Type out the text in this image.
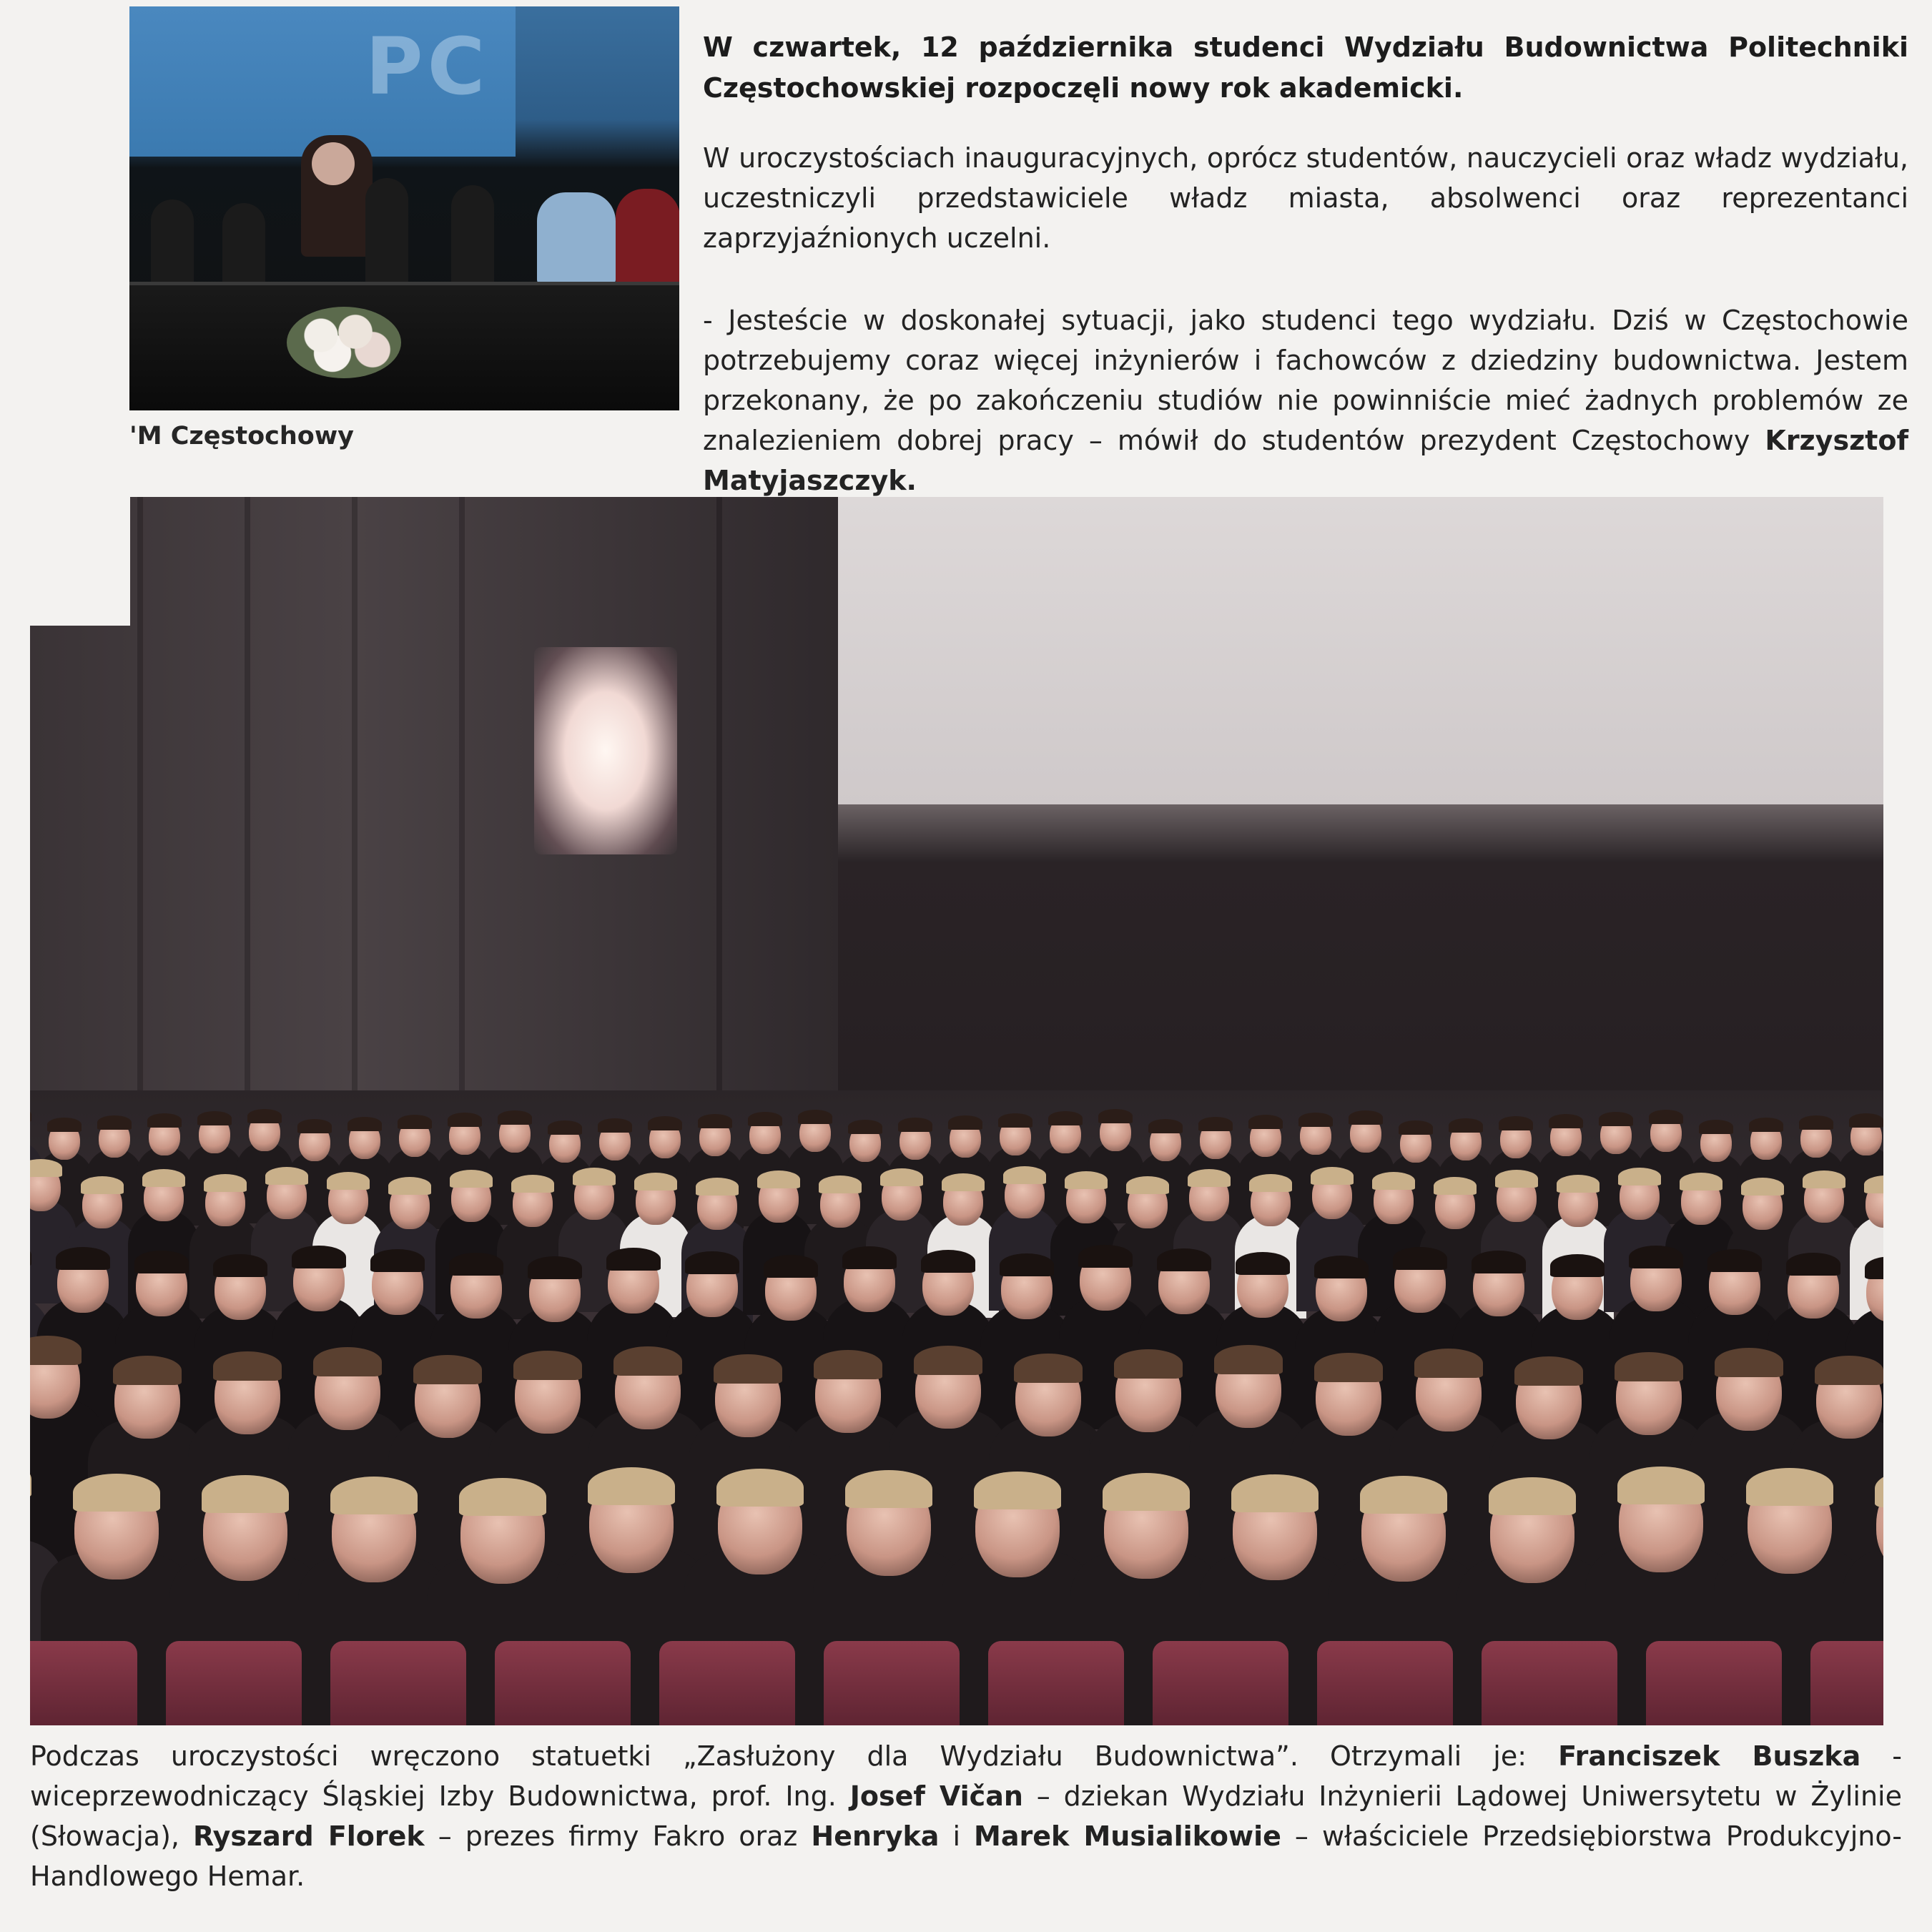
PC
'M Częstochowy

W czwartek, 12 października studenci Wydziału Budownictwa Politechniki Częstochowskiej rozpoczęli nowy rok akademicki.

W uroczystościach inauguracyjnych, oprócz studentów, nauczycieli oraz władz wydziału, uczestniczyli przedstawiciele władz miasta, absolwenci oraz reprezentanci zaprzyjaźnionych uczelni.

- Jesteście w doskonałej sytuacji, jako studenci tego wydziału. Dziś w Częstochowie potrzebujemy coraz więcej inżynierów i fachowców z dziedziny budownictwa. Jestem przekonany, że po zakończeniu studiów nie powinniście mieć żadnych problemów ze znalezieniem dobrej pracy – mówił do studentów prezydent Częstochowy Krzysztof Matyjaszczyk.

Podczas uroczystości wręczono statuetki „Zasłużony dla Wydziału Budownictwa”. Otrzymali je: Franciszek Buszka - wiceprzewodniczący Śląskiej Izby Budownictwa, prof. Ing. Josef Vičan – dziekan Wydziału Inżynierii Lądowej Uniwersytetu w Żylinie (Słowacja), Ryszard Florek – prezes firmy Fakro oraz Henryka i Marek Musialikowie – właściciele Przedsiębiorstwa Produkcyjno-Handlowego Hemar.
